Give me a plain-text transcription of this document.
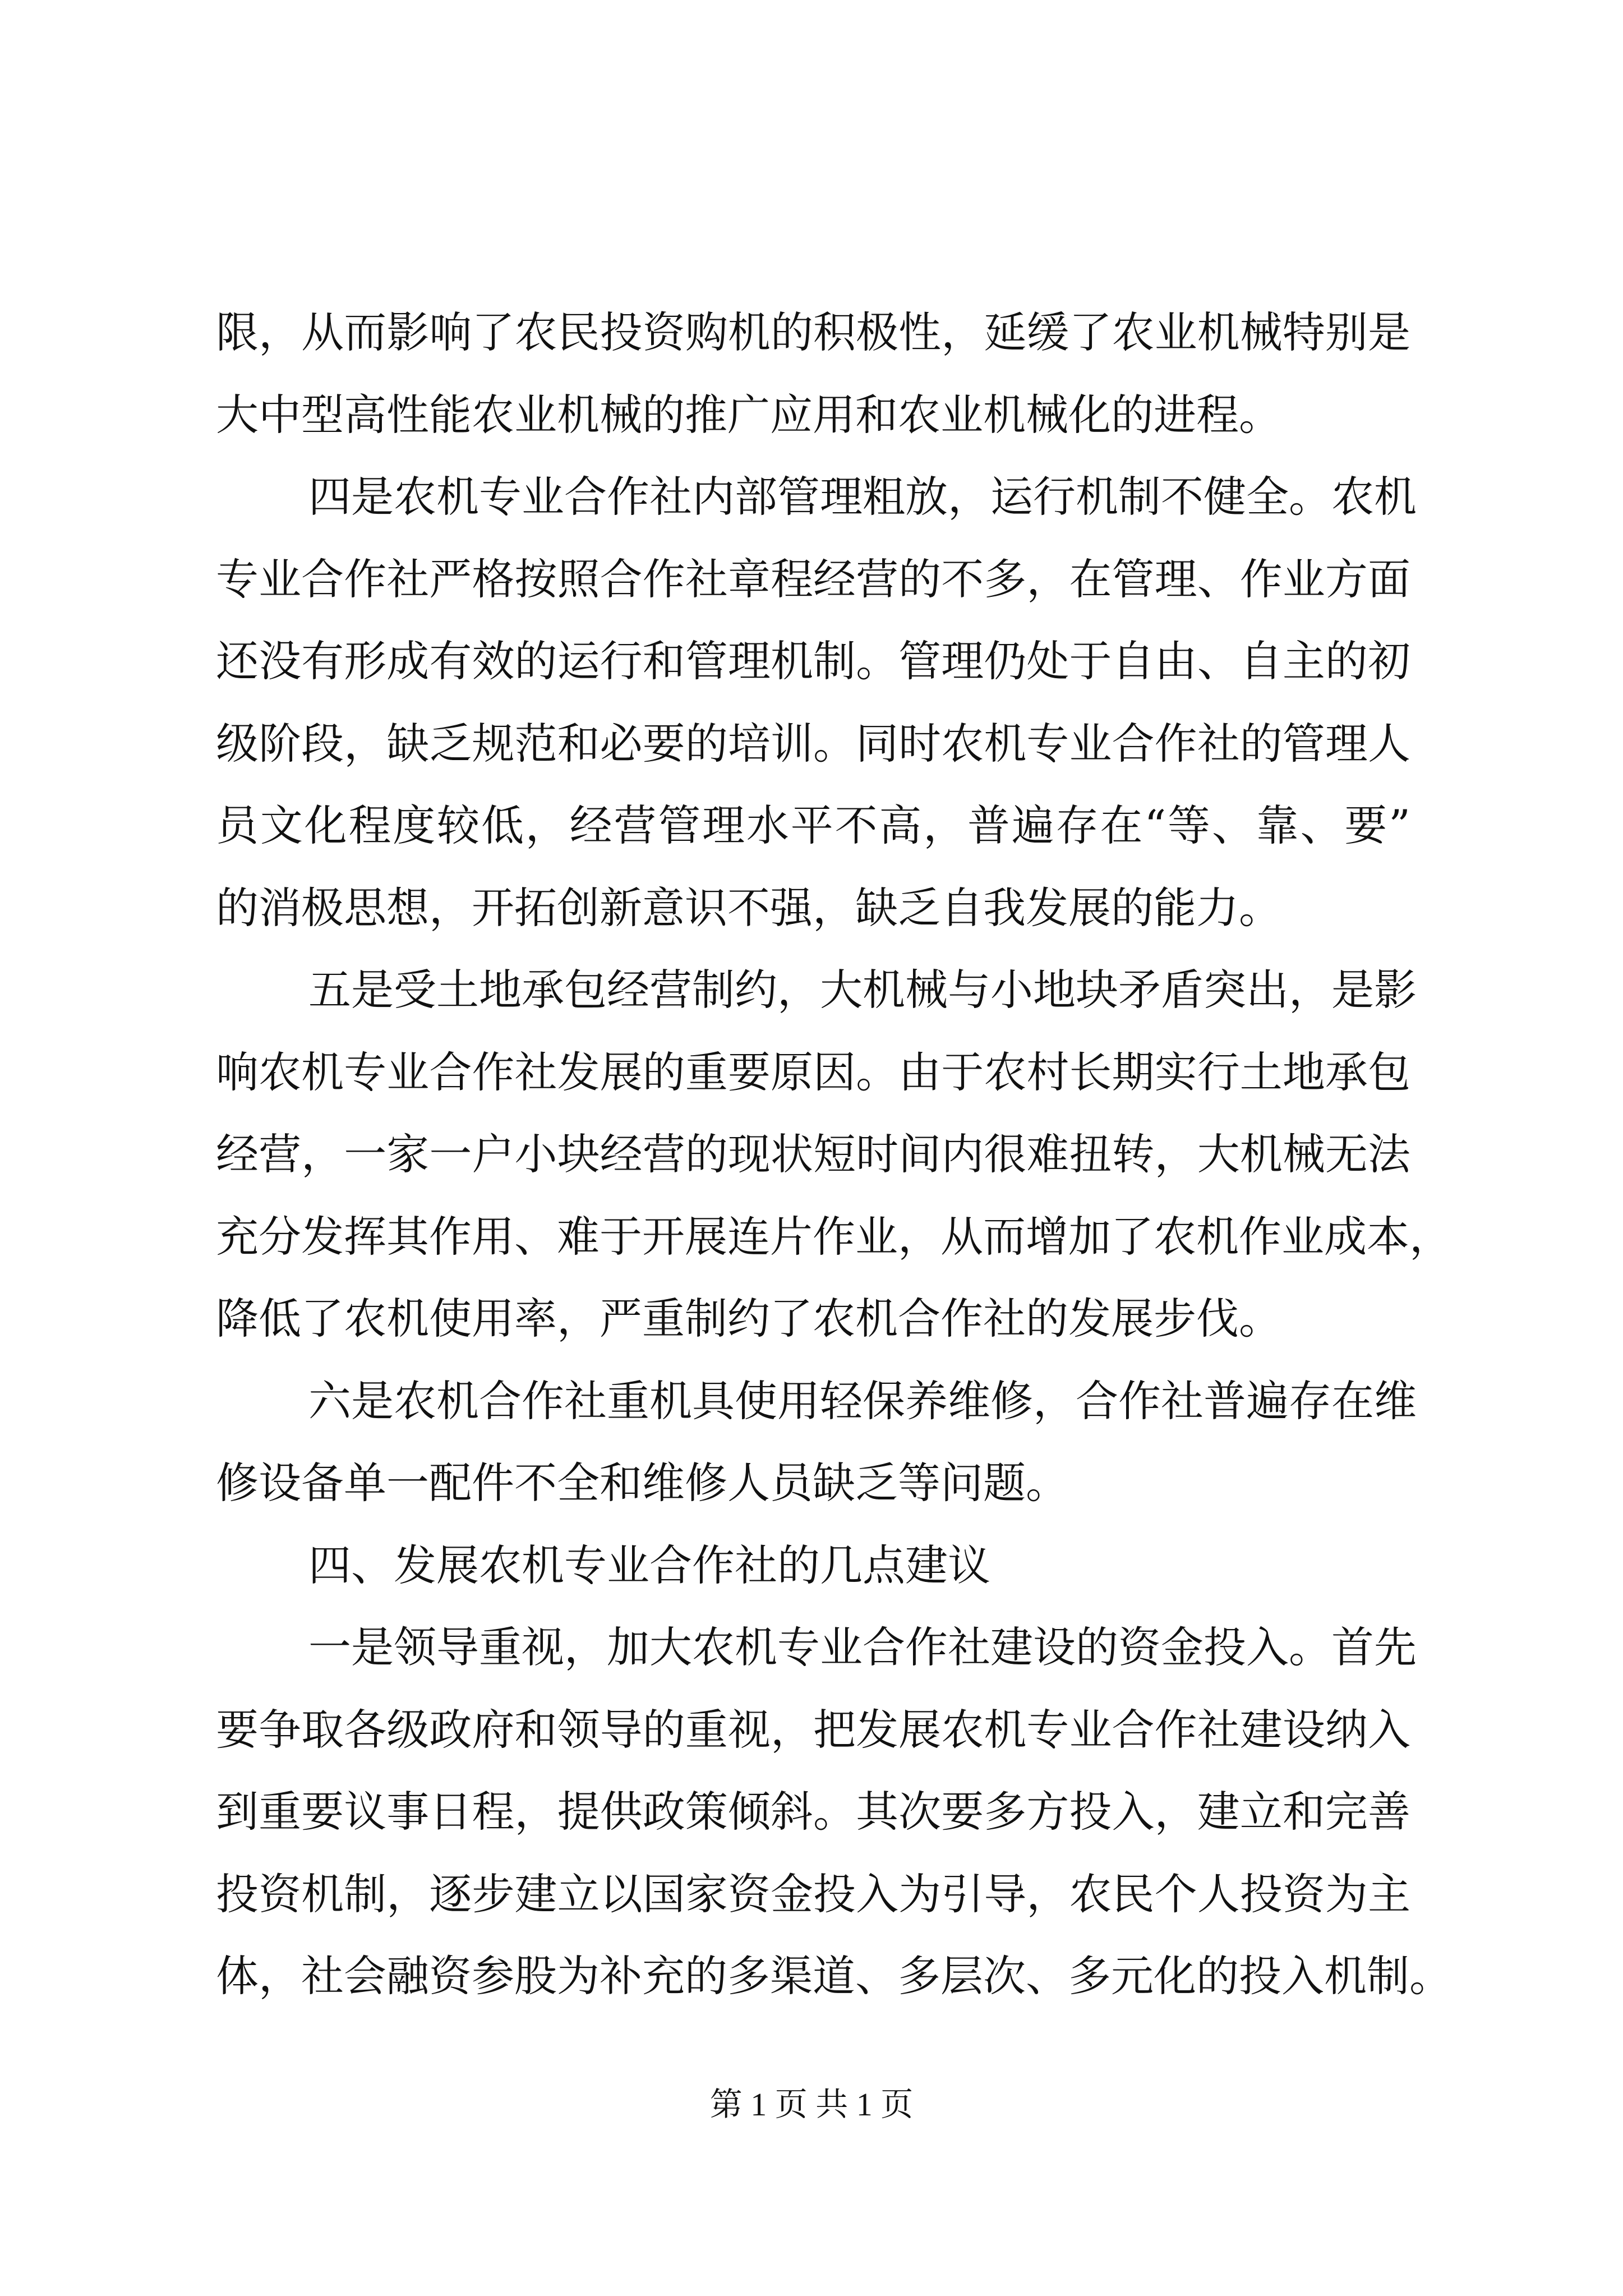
限，从而影响了农民投资购机的积极性，延缓了农业机械特别是
大中型高性能农业机械的推广应用和农业机械化的进程。
四是农机专业合作社内部管理粗放，运行机制不健全。农机
专业合作社严格按照合作社章程经营的不多，在管理、作业方面
还没有形成有效的运行和管理机制。管理仍处于自由、自主的初
级阶段，缺乏规范和必要的培训。同时农机专业合作社的管理人
员文化程度较低，经营管理水平不高，普遍存在“等、靠、要”
的消极思想，开拓创新意识不强，缺乏自我发展的能力。
五是受土地承包经营制约，大机械与小地块矛盾突出，是影
响农机专业合作社发展的重要原因。由于农村长期实行土地承包
经营，一家一户小块经营的现状短时间内很难扭转，大机械无法
充分发挥其作用、难于开展连片作业，从而增加了农机作业成本，
降低了农机使用率，严重制约了农机合作社的发展步伐。
六是农机合作社重机具使用轻保养维修，合作社普遍存在维
修设备单一配件不全和维修人员缺乏等问题。
四、发展农机专业合作社的几点建议
一是领导重视，加大农机专业合作社建设的资金投入。首先
要争取各级政府和领导的重视，把发展农机专业合作社建设纳入
到重要议事日程，提供政策倾斜。其次要多方投入，建立和完善
投资机制，逐步建立以国家资金投入为引导，农民个人投资为主
体，社会融资参股为补充的多渠道、多层次、多元化的投入机制。
第 1 页 共 1 页
